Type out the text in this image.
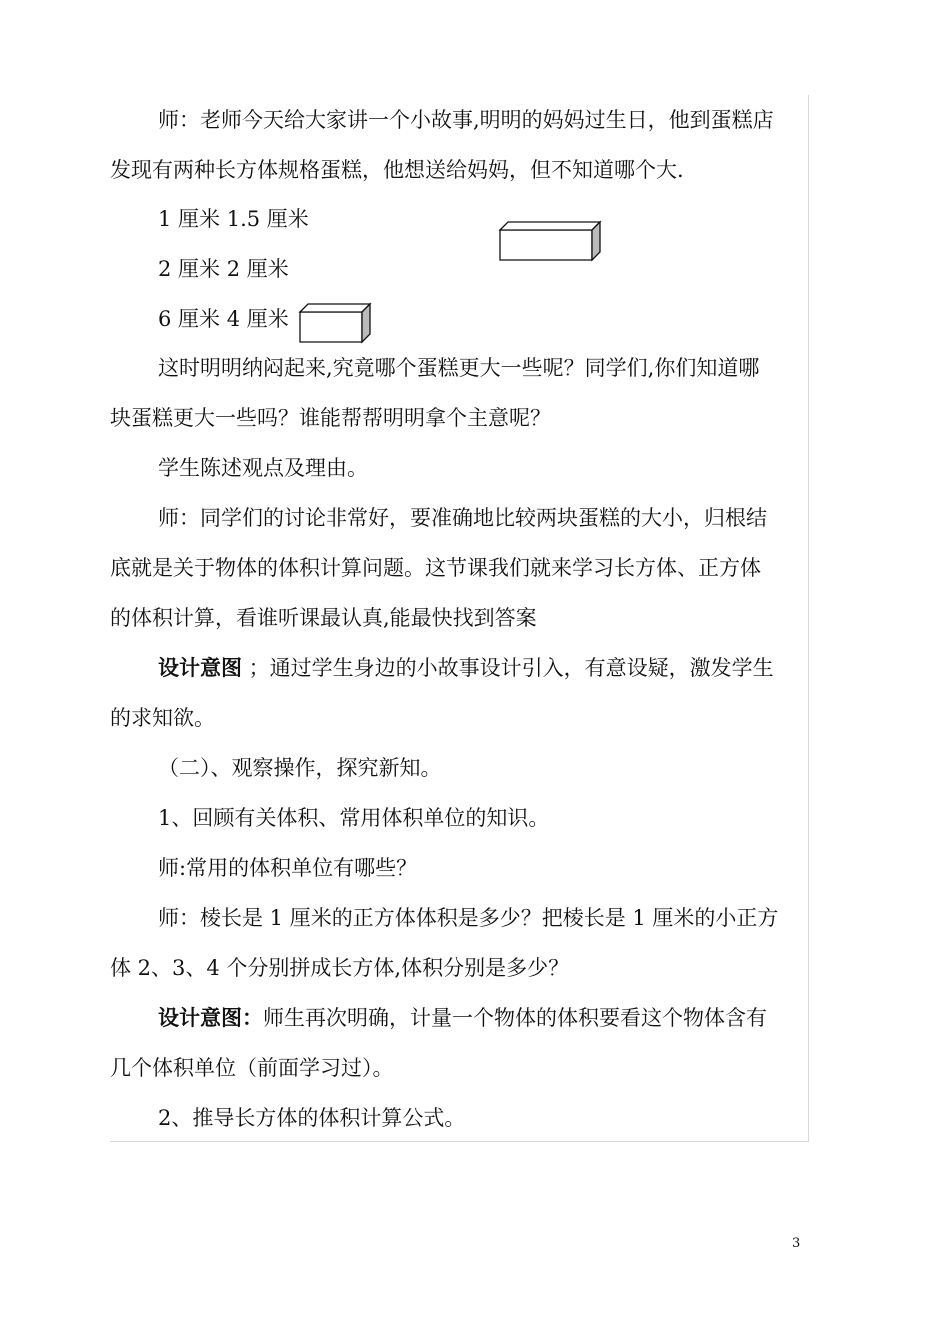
师：老师今天给大家讲一个小故事,明明的妈妈过生日，他到蛋糕店
发现有两种长方体规格蛋糕，他想送给妈妈，但不知道哪个大.
1 厘米 1.5 厘米
2 厘米 2 厘米
6 厘米 4 厘米
这时明明纳闷起来,究竟哪个蛋糕更大一些呢？同学们,你们知道哪
块蛋糕更大一些吗？谁能帮帮明明拿个主意呢？
学生陈述观点及理由。
师：同学们的讨论非常好，要准确地比较两块蛋糕的大小，归根结
底就是关于物体的体积计算问题。这节课我们就来学习长方体、正方体
的体积计算，看谁听课最认真,能最快找到答案
设计意图 ；通过学生身边的小故事设计引入，有意设疑，激发学生
的求知欲。
（二）、观察操作，探究新知。
1、回顾有关体积、常用体积单位的知识。
师:常用的体积单位有哪些？
师：棱长是 1 厘米的正方体体积是多少？把棱长是 1 厘米的小正方
体 2、3、4 个分别拼成长方体,体积分别是多少？
设计意图：师生再次明确，计量一个物体的体积要看这个物体含有
几个体积单位（前面学习过）。
2、推导长方体的体积计算公式。
3
